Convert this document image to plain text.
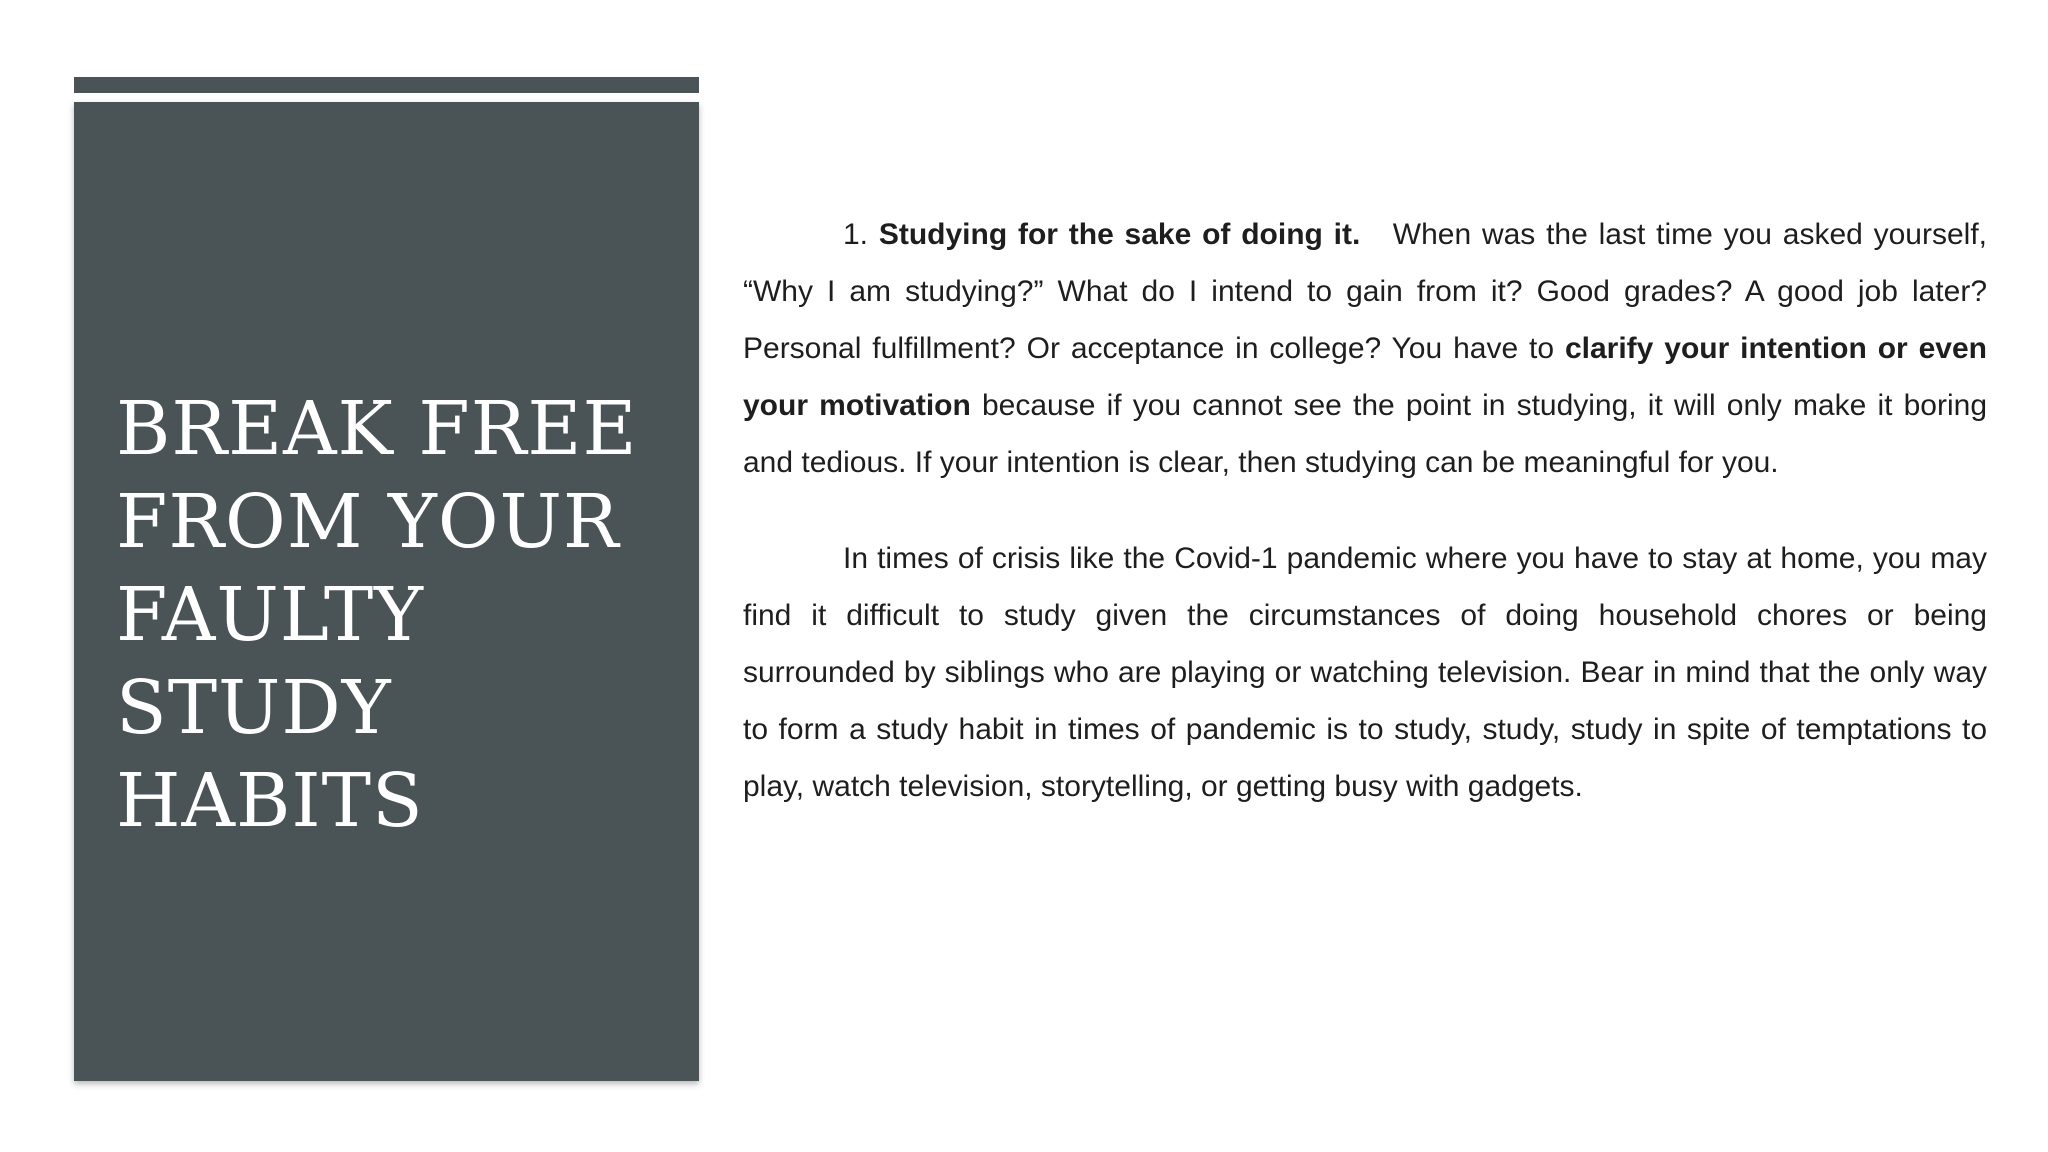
BREAK FREE
FROM YOUR
FAULTY
STUDY
HABITS

1. Studying for the sake of doing it.   When was the last time you asked yourself, “Why I am studying?” What do I intend to gain from it? Good grades? A good job later? Personal fulfillment? Or acceptance in college? You have to clarify your intention or even your motivation because if you cannot see the point in studying, it will only make it boring and tedious. If your intention is clear, then studying can be meaningful for you.

In times of crisis like the Covid-1 pandemic where you have to stay at home, you may find it difficult to study given the circumstances of doing household chores or being surrounded by siblings who are playing or watching television. Bear in mind that the only way to form a study habit in times of pandemic is to study, study, study in spite of temptations to play, watch television, storytelling, or getting busy with gadgets.
